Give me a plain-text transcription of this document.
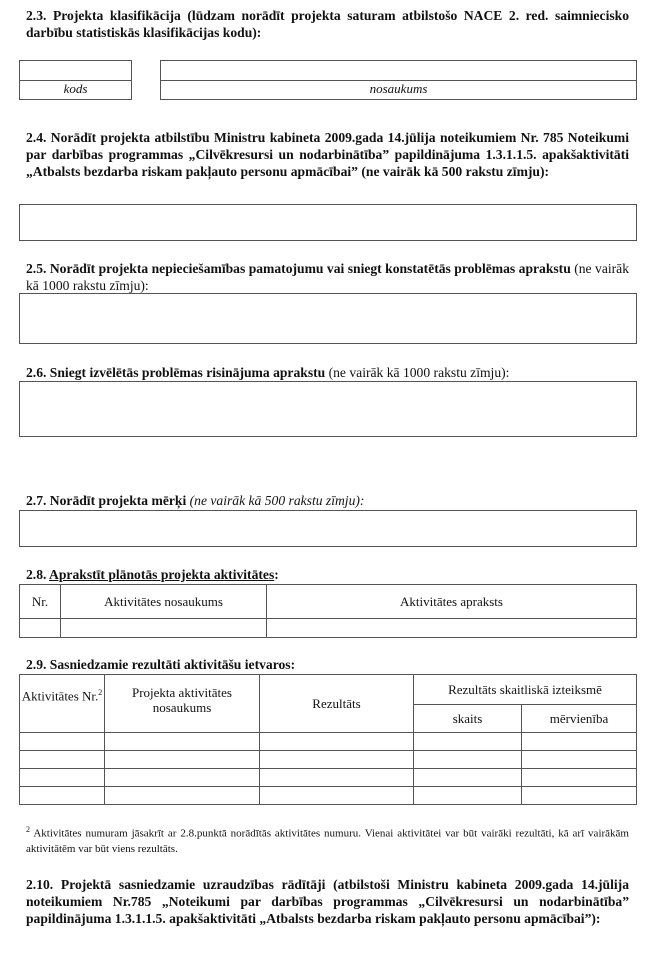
2.3. Projekta klasifikācija (lūdzam norādīt projekta saturam atbilstošo NACE 2. red. saimniecisko darbību statistiskās klasifikācijas kodu):
kods	nosaukums
2.4. Norādīt projekta atbilstību Ministru kabineta 2009.gada 14.jūlija noteikumiem Nr. 785 Noteikumi par darbības programmas „Cilvēkresursi un nodarbinātība” papildinājuma 1.3.1.1.5. apakšaktivitāti „Atbalsts bezdarba riskam pakļauto personu apmācībai” (ne vairāk kā 500 rakstu zīmju):
2.5. Norādīt projekta nepieciešamības pamatojumu vai sniegt konstatētās problēmas aprakstu (ne vairāk kā 1000 rakstu zīmju):
2.6. Sniegt izvēlētās problēmas risinājuma aprakstu (ne vairāk kā 1000 rakstu zīmju):
2.7. Norādīt projekta mērķi (ne vairāk kā 500 rakstu zīmju):
2.8. Aprakstīt plānotās projekta aktivitātes:
Nr.	Aktivitātes nosaukums	Aktivitātes apraksts

2.9. Sasniedzamie rezultāti aktivitāšu ietvaros:
Aktivitātes Nr.$^2$	Projekta aktivitātes nosaukums	Rezultāts	Rezultāts skaitliskā izteiksmē	
			skaits	mērvienība

$^2$ Aktivitātes numuram jāsakrīt ar 2.8.punktā norādītās aktivitātes numuru. Vienai aktivitātei var būt vairāki rezultāti, kā arī vairākām aktivitātēm var būt viens rezultāts.
2.10. Projektā sasniedzamie uzraudzības rādītāji (atbilstoši Ministru kabineta 2009.gada 14.jūlija noteikumiem Nr.785 „Noteikumi par darbības programmas „Cilvēkresursi un nodarbinātība” papildinājuma 1.3.1.1.5. apakšaktivitāti „Atbalsts bezdarba riskam pakļauto personu apmācībai”):
